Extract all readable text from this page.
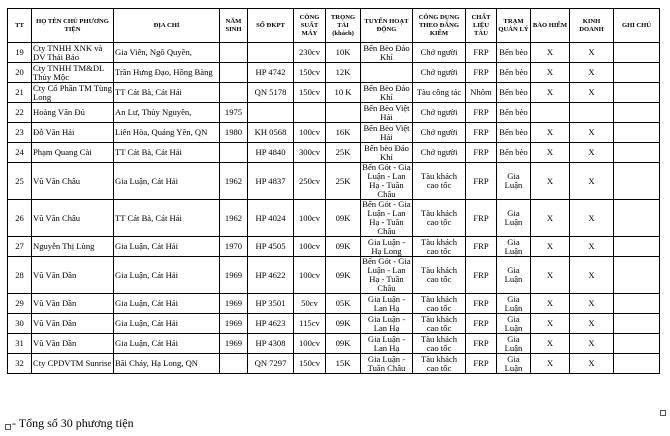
TT	HỌ TÊN CHỦ PHƯƠNG TIỆN	ĐỊA CHỈ	NĂM SINH	SỐ ĐKPT	CÔNG SUẤT MÁY	TRỌNG TẢI (khách)	TUYẾN HOẠT ĐỘNG	CÔNG DỤNG THEO ĐĂNG KIỂM	CHẤT LIỆU TÀU	TRẠM QUẢN LÝ	BẢO HIỂM	KINH DOANH	GHI CHÚ
19	Cty TNHH XNK và DV Thái Bảo	Gia Viên, Ngô Quyền,			230cv	10K	Bến Bèo Đảo Khỉ	Chở người	FRP	Bến bèo	X	X	
20	Cty TNHH TM&DL Thủy Mộc	Trần Hưng Đạo, Hồng Bàng		HP 4742	150cv	12K		Chở người	FRP	Bến bèo	X	X	
21	Cty Cổ Phần TM Tùng Long	TT Cát Bà, Cát Hải		QN 5178	150cv	10 K	Bến Bèo Đảo Khỉ	Tàu công tác	Nhôm	Bến bèo	X	X	
22	Hoàng Văn Đủ	An Lư, Thủy Nguyên,	1975				Bến Bèo Việt Hải	Chở người	FRP	Bến bèo			
23	Đỗ Văn Hải	Liên Hòa, Quảng Yên, QN	1980	KH 0568	100cv	16K	Bến Bèo Việt Hải	Chở người	FRP	Bến bèo	X	X	
24	Phạm Quang Cài	TT Cát Bà, Cát Hải		HP 4840	300cv	25K	Bến bèo Đảo Khỉ	Chở người	FRP	Bến bèo	X	X	
25	Vũ Văn Châu	Gia Luận, Cát Hải	1962	HP 4837	250cv	25K	Bến Gót - Gia Luận - Lan Hạ - Tuần Châu	Tàu khách cao tốc	FRP	Gia Luận	X	X	
26	Vũ Văn Châu	TT Cát Bà, Cát Hải	1962	HP 4024	100cv	09K	Bến Gót - Gia Luận - Lan Hạ - Tuần Châu	Tàu khách cao tốc	FRP	Gia Luận	X	X	
27	Nguyễn Thị Lùng	Gia Luận, Cát Hải	1970	HP 4505	100cv	09K	Gia Luận - Hạ Long	Tàu khách cao tốc	FRP	Gia Luận	X	X	
28	Vũ Văn Dần	Gia Luận, Cát Hải	1969	HP 4622	100cv	09K	Bến Gót - Gia Luận - Lan Hạ - Tuần Châu	Tàu khách cao tốc	FRP	Gia Luận	X	X	
29	Vũ Văn Dần	Gia Luận, Cát Hải	1969	HP 3501	50cv	05K	Gia Luận - Lan Hạ	Tàu khách cao tốc	FRP	Gia Luận	X	X	
30	Vũ Văn Dần	Gia Luận, Cát Hải	1969	HP 4623	115cv	09K	Gia Luận - Lan Hạ	Tàu khách cao tốc	FRP	Gia Luận	X	X	
31	Vũ Văn Dần	Gia Luận, Cát Hải	1969	HP 4308	100cv	09K	Gia Luận - Lan Hạ	Tàu khách cao tốc	FRP	Gia Luận	X	X	
32	Cty CPDVTM Sunrise	Bãi Cháy, Hạ Long, QN		QN 7297	150cv	15K	Gia Luận - Tuần Châu	Tàu khách cao tốc	FRP	Gia Luận	X	X	
- Tổng số 30 phương tiện
